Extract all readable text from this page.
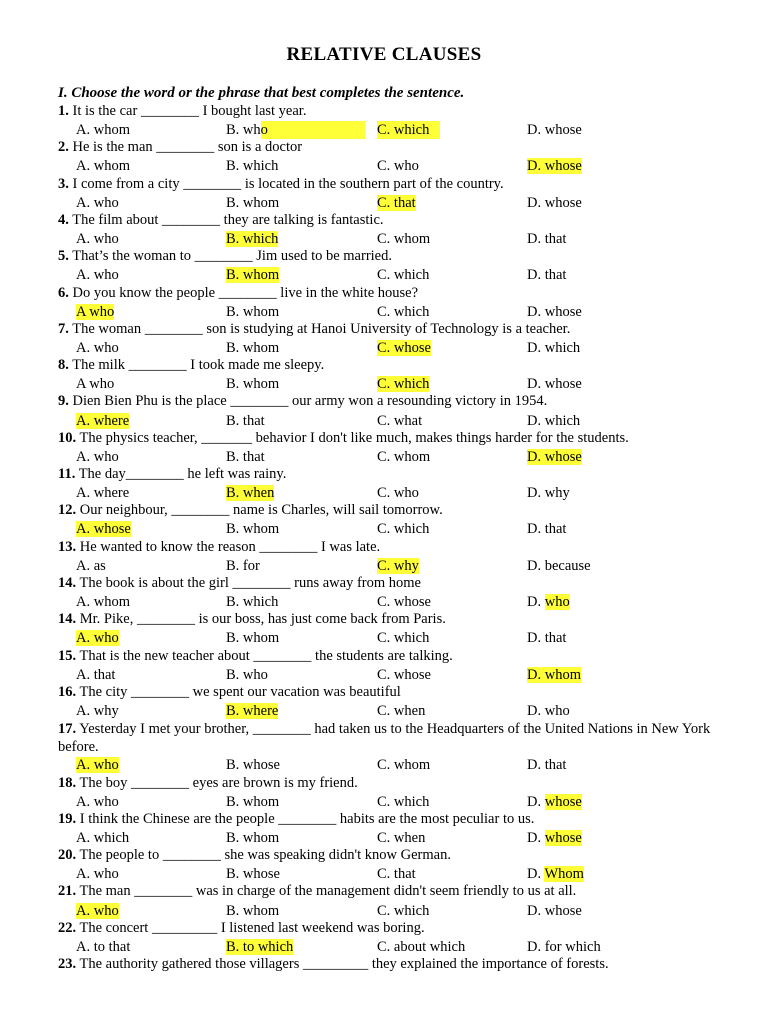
RELATIVE CLAUSES
I. Choose the word or the phrase that best completes the sentence.
1. It is the car ________ I bought last year.
A. whom	B. who	C. which	D. whose
2. He is the man ________ son is a doctor
A. whom	B. which	C. who	D. whose
3. I come from a city ________ is located in the southern part of the country.
A. who	B. whom	C. that	D. whose
4. The film about ________ they are talking is fantastic.
A. who	B. which	C. whom	D. that
5. That’s the woman to ________ Jim used to be married.
A. who	B. whom	C. which	D. that
6. Do you know the people ________ live in the white house?
A who	B. whom	C. which	D. whose
7. The woman ________ son is studying at Hanoi University of Technology is a teacher.
A. who	B. whom	C. whose	D. which
8. The milk ________ I took made me sleepy.
A who	B. whom	C. which	D. whose
9. Dien Bien Phu is the place ________ our army won a resounding victory in 1954.
A. where	B. that	C. what	D. which
10. The physics teacher, _______ behavior I don't like much, makes things harder for the students.
A. who	B. that	C. whom	D. whose
11. The day________ he left was rainy.
A. where	B. when	C. who	D. why
12. Our neighbour, ________ name is Charles, will sail tomorrow.
A. whose	B. whom	C. which	D. that
13. He wanted to know the reason ________ I was late.
A. as	B. for	C. why	D. because
14. The book is about the girl ________ runs away from home
A. whom	B. which	C. whose	D. who
14. Mr. Pike, ________ is our boss, has just come back from Paris.
A. who	B. whom	C. which	D. that
15. That is the new teacher about ________ the students are talking.
A. that	B. who	C. whose	D. whom
16. The city ________ we spent our vacation was beautiful
A. why	B. where	C. when	D. who
17. Yesterday I met your brother, ________ had taken us to the Headquarters of the United Nations in New York before.
A. who	B. whose	C. whom	D. that
18. The boy ________ eyes are brown is my friend.
A. who	B. whom	C. which	D. whose
19. I think the Chinese are the people ________ habits are the most peculiar to us.
A. which	B. whom	C. when	D. whose
20. The people to ________ she was speaking didn't know German.
A. who	B. whose	C. that	D. Whom
21. The man ________ was in charge of the management didn't seem friendly to us at all.
A. who	B. whom	C. which	D. whose
22. The concert _________ I listened last weekend was boring.
A. to that	B. to which	C. about which	D. for which
23. The authority gathered those villagers _________ they explained the importance of forests.
